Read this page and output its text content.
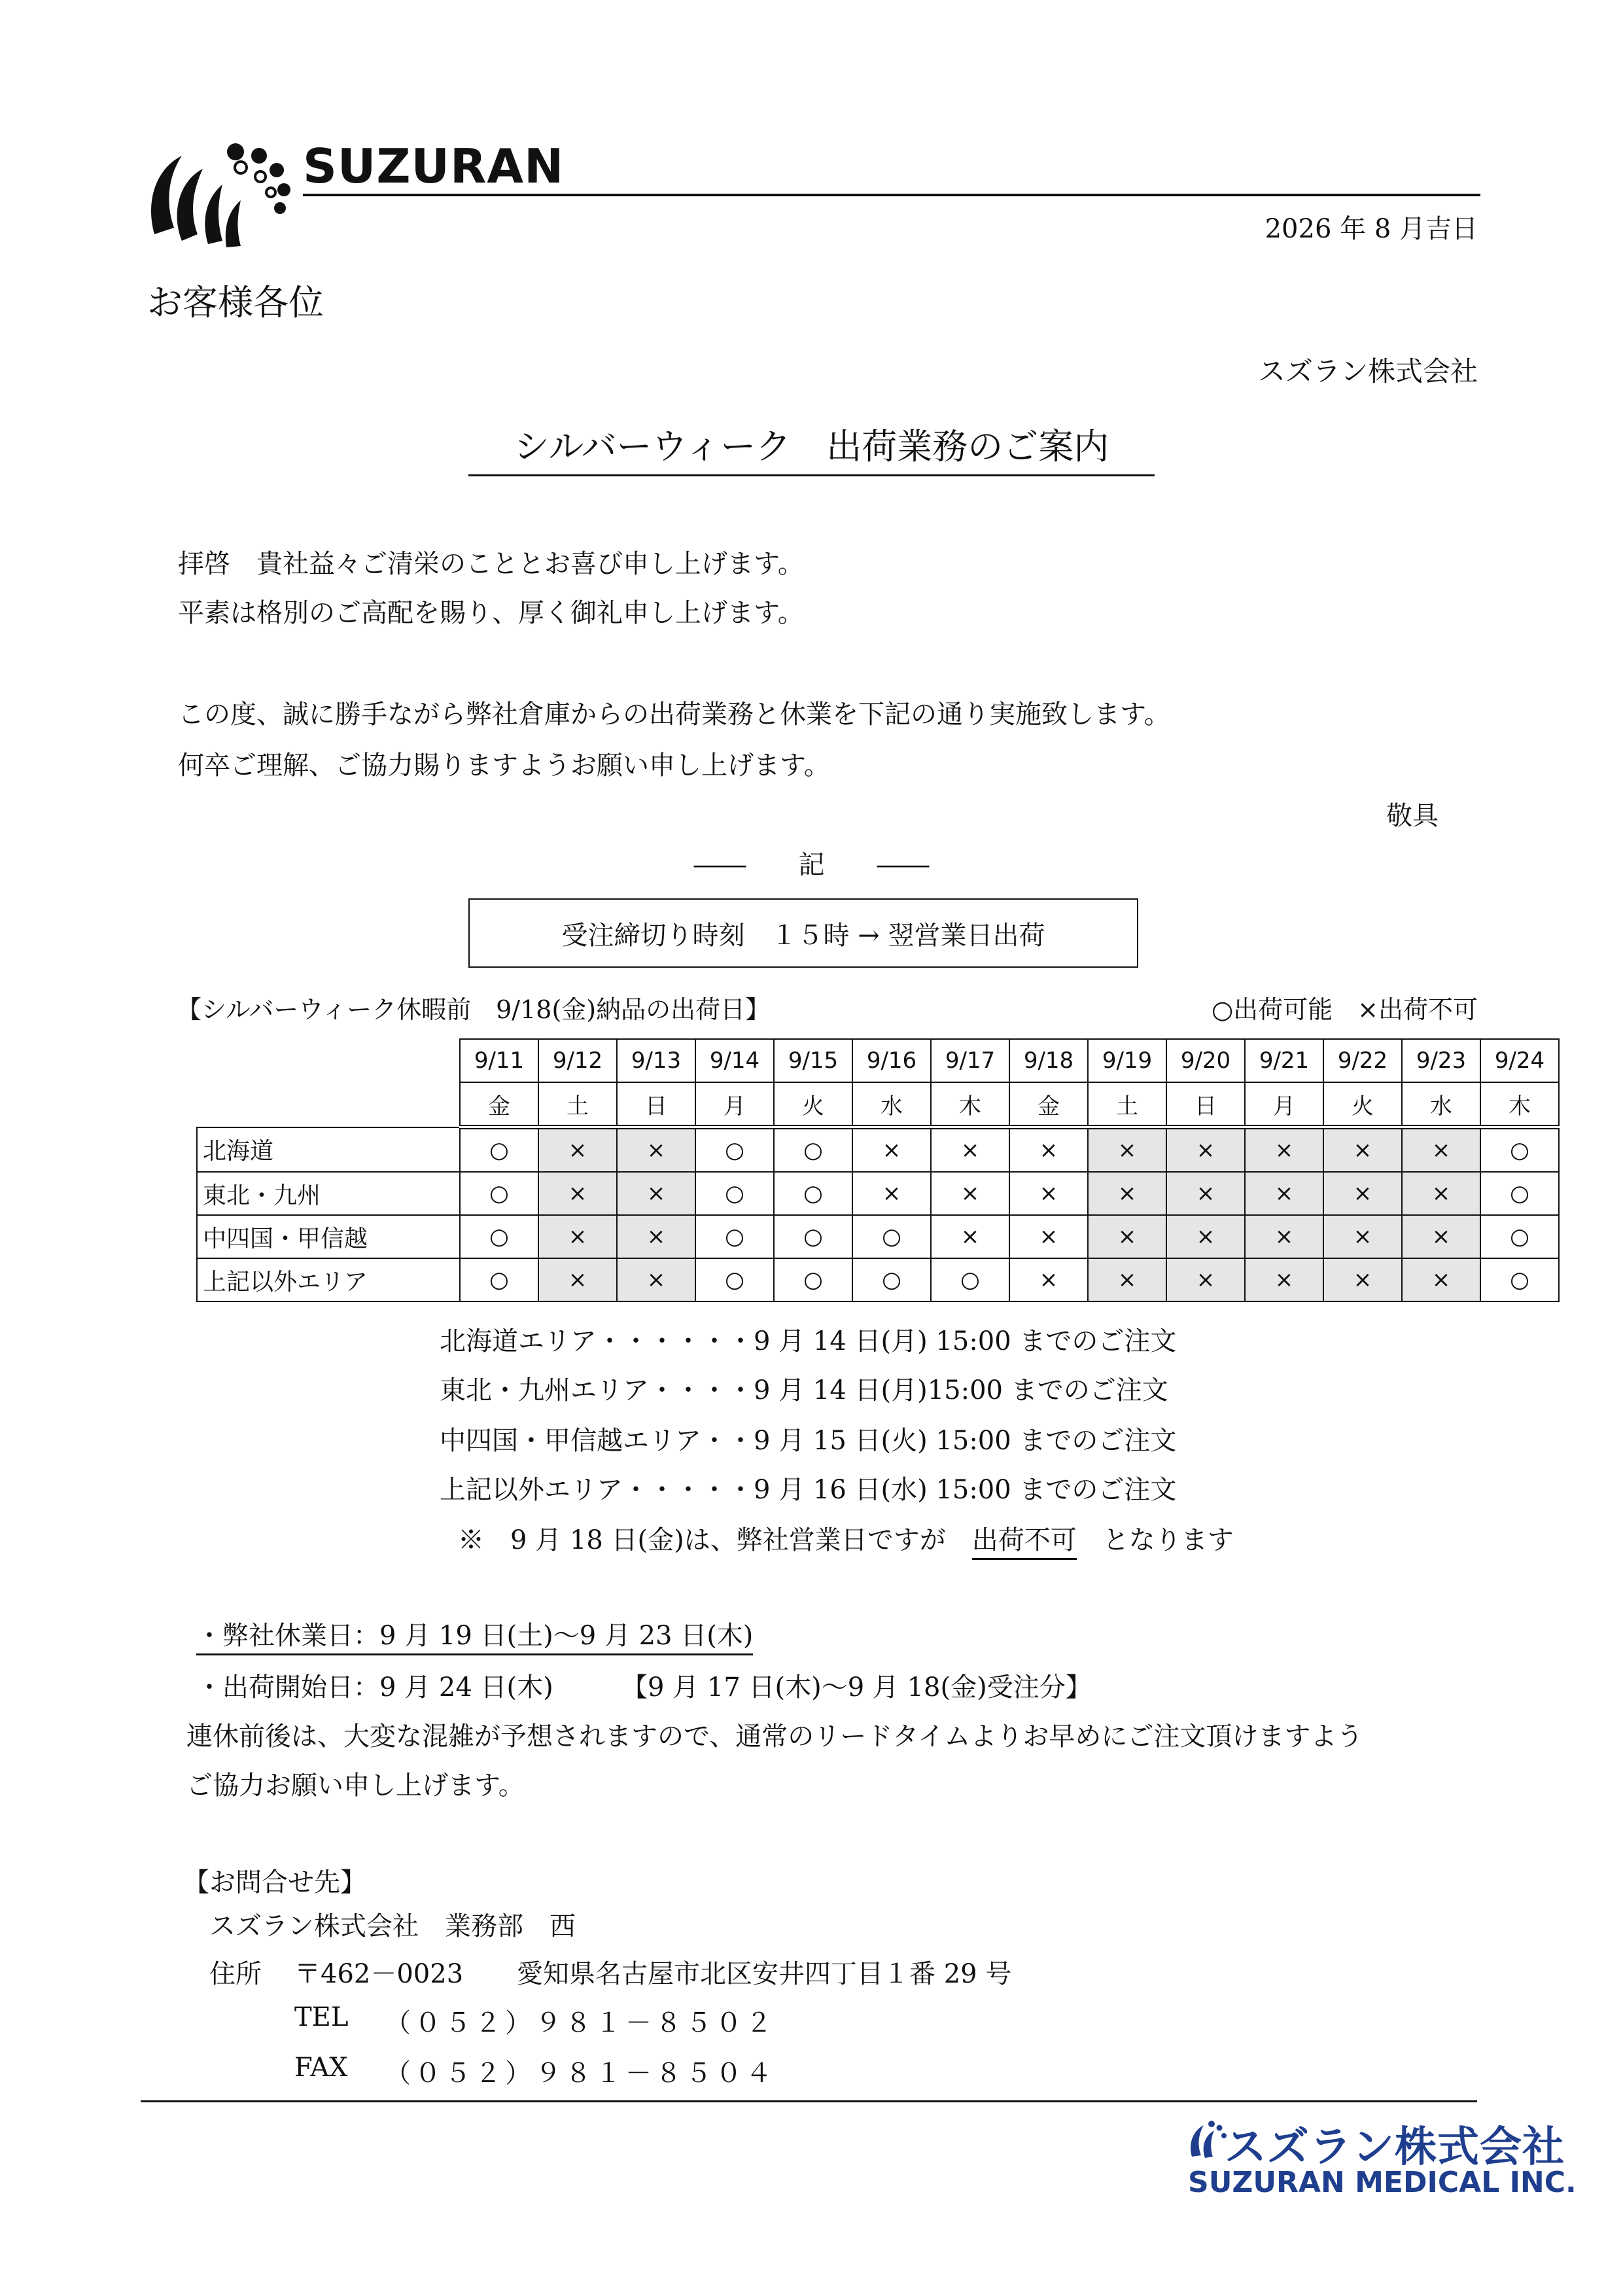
SUZURAN
2026 年 8 月吉日
お客様各位
スズラン株式会社
シルバーウィーク　出荷業務のご案内
拝啓　貴社益々ご清栄のこととお喜び申し上げます。
平素は格別のご高配を賜り、厚く御礼申し上げます。
この度、誠に勝手ながら弊社倉庫からの出荷業務と休業を下記の通り実施致します。
何卒ご理解、ご協力賜りますようお願い申し上げます。
敬具
――　　記　　――
受注締切り時刻　１５時 → 翌営業日出荷
【シルバーウィーク休暇前　9/18(金)納品の出荷日】	○出荷可能　×出荷不可
	9/11	9/12	9/13	9/14	9/15	9/16	9/17	9/18	9/19	9/20	9/21	9/22	9/23	9/24
	金	土	日	月	火	水	木	金	土	日	月	火	水	木
北海道	○	×	×	○	○	×	×	×	×	×	×	×	×	○
東北・九州	○	×	×	○	○	×	×	×	×	×	×	×	×	○
中四国・甲信越	○	×	×	○	○	○	×	×	×	×	×	×	×	○
上記以外エリア	○	×	×	○	○	○	○	×	×	×	×	×	×	○
北海道エリア・・・・・・9 月 14 日(月) 15:00 までのご注文
東北・九州エリア・・・・9 月 14 日(月)15:00 までのご注文
中四国・甲信越エリア・・9 月 15 日(火) 15:00 までのご注文
上記以外エリア・・・・・9 月 16 日(水) 15:00 までのご注文
※　9 月 18 日(金)は、弊社営業日ですが　出荷不可　となります
・弊社休業日：9 月 19 日(土)〜9 月 23 日(木)
・出荷開始日：9 月 24 日(木)	【9 月 17 日(木)〜9 月 18(金)受注分】
連休前後は、大変な混雑が予想されますので、通常のリードタイムよりお早めにご注文頂けますよう
ご協力お願い申し上げます。
【お問合せ先】
スズラン株式会社　業務部　西
住所 〒462－0023 愛知県名古屋市北区安井四丁目１番 29 号
TEL （０５２）９８１－８５０２
FAX （０５２）９８１－８５０４
スズラン株式会社
SUZURAN MEDICAL INC.
